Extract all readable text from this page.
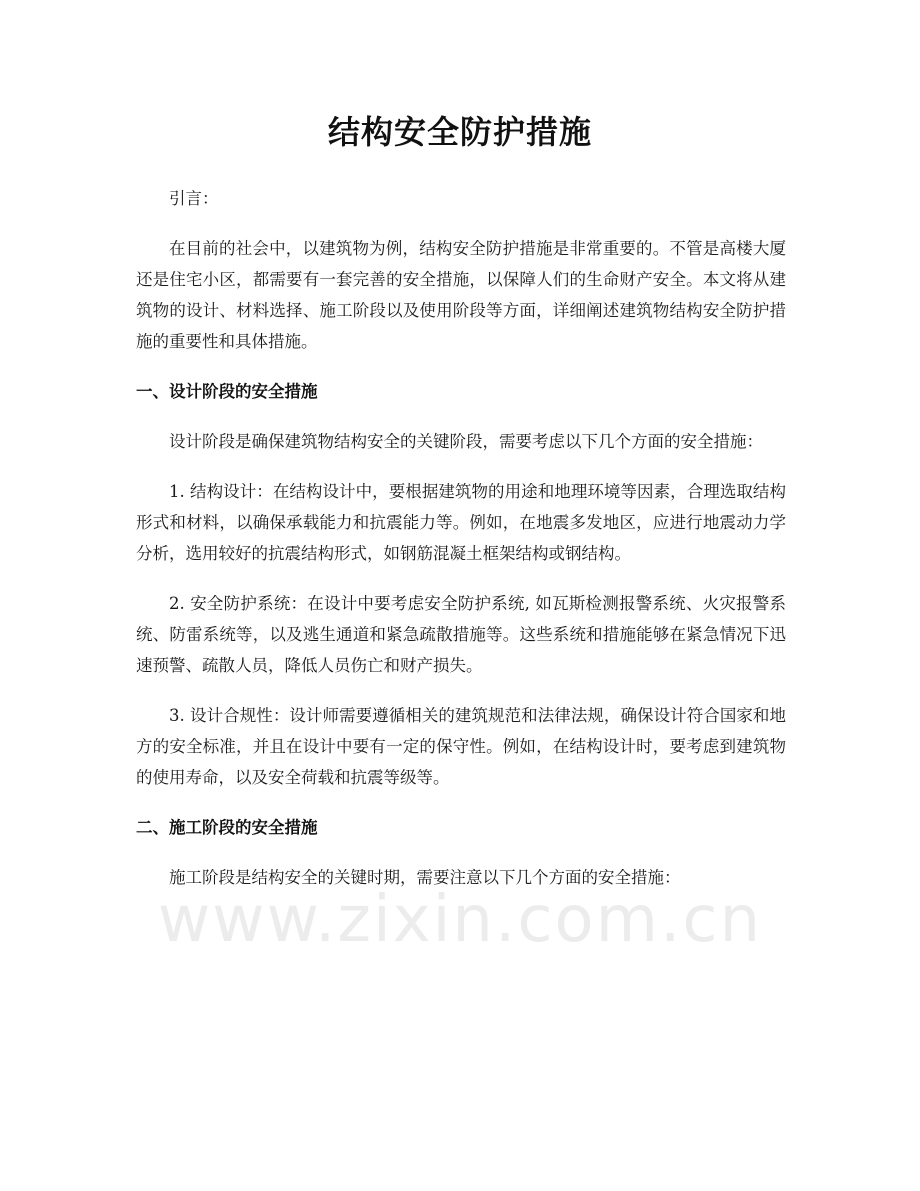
www.zixin.com.cn
结构安全防护措施

引言：

在目前的社会中，以建筑物为例，结构安全防护措施是非常重要的。不管是高楼大厦还是住宅小区，都需要有一套完善的安全措施，以保障人们的生命财产安全。本文将从建筑物的设计、材料选择、施工阶段以及使用阶段等方面，详细阐述建筑物结构安全防护措施的重要性和具体措施。

一、设计阶段的安全措施

设计阶段是确保建筑物结构安全的关键阶段，需要考虑以下几个方面的安全措施：

1. 结构设计：在结构设计中，要根据建筑物的用途和地理环境等因素，合理选取结构形式和材料，以确保承载能力和抗震能力等。例如，在地震多发地区，应进行地震动力学分析，选用较好的抗震结构形式，如钢筋混凝土框架结构或钢结构。

2. 安全防护系统：在设计中要考虑安全防护系统, 如瓦斯检测报警系统、火灾报警系统、防雷系统等，以及逃生通道和紧急疏散措施等。这些系统和措施能够在紧急情况下迅速预警、疏散人员，降低人员伤亡和财产损失。

3. 设计合规性：设计师需要遵循相关的建筑规范和法律法规，确保设计符合国家和地方的安全标准，并且在设计中要有一定的保守性。例如，在结构设计时，要考虑到建筑物的使用寿命，以及安全荷载和抗震等级等。

二、施工阶段的安全措施

施工阶段是结构安全的关键时期，需要注意以下几个方面的安全措施：
